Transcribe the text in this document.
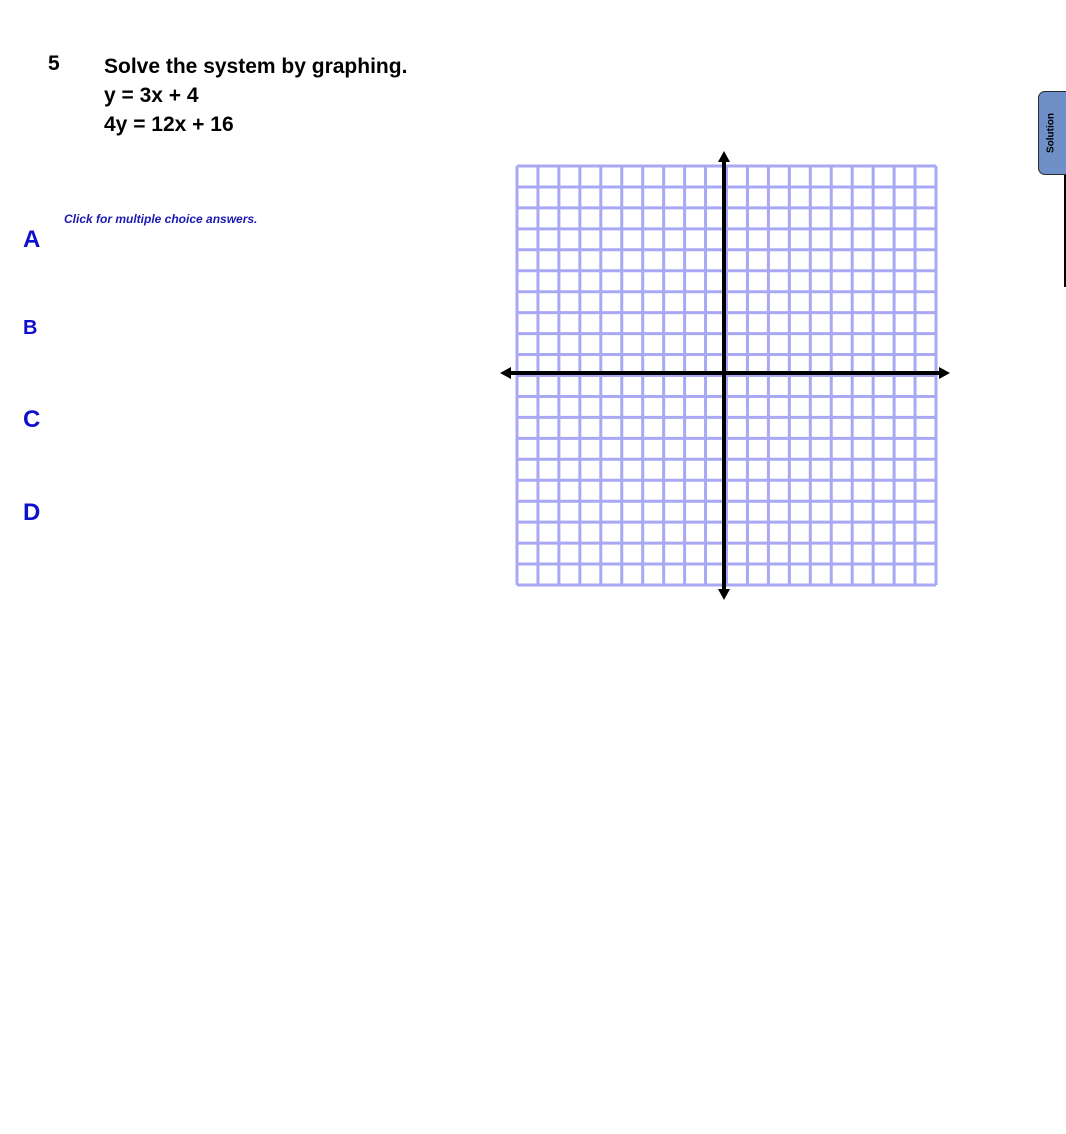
5 Solve the system by graphing.
y = 3x + 4
4y = 12x + 16
Click for multiple choice answers.
A
B
C
D
Solution
